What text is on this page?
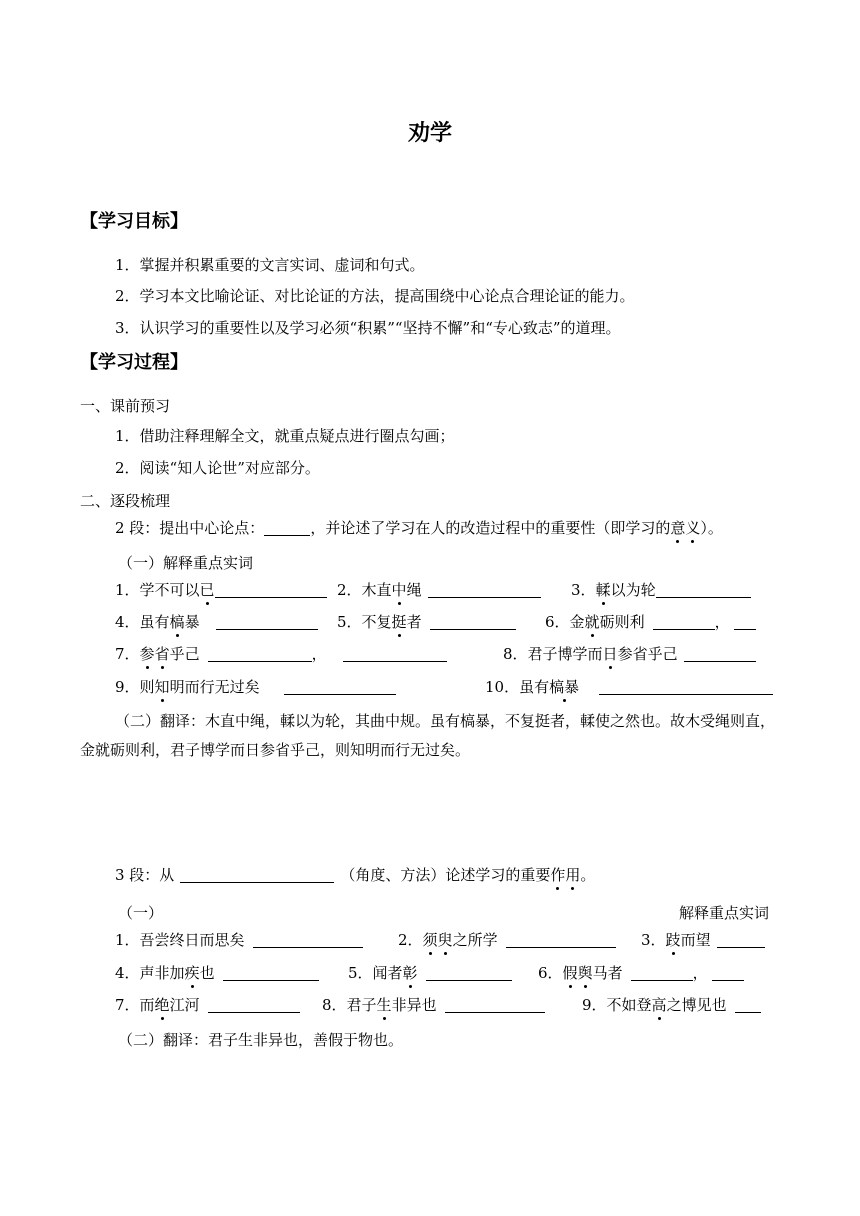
劝学
【学习目标】
1．掌握并积累重要的文言实词、虚词和句式。
2．学习本文比喻论证、对比论证的方法，提高围绕中心论点合理论证的能力。
3．认识学习的重要性以及学习必须“积累”“坚持不懈”和“专心致志”的道理。
【学习过程】
一、课前预习
1．借助注释理解全文，就重点疑点进行圈点勾画；
2．阅读“知人论世”对应部分。
二、逐段梳理
2 段：提出中心论点：	，并论述了学习在人的改造过程中的重要性（即学习的意义）。
（一）解释重点实词
1．学不可以已	2．木直中绳	3．輮以为轮
4．虽有槁暴	5．不复挺者	6．金就砺则利	，
7．参省乎己	，	8．君子博学而日参省乎己
9．则知明而行无过矣	10．虽有槁暴
（二）翻译：木直中绳，輮以为轮，其曲中规。虽有槁暴，不复挺者，輮使之然也。故木受绳则直，金就砺则利，君子博学而日参省乎己，则知明而行无过矣。
3 段：从	（角度、方法）论述学习的重要作用。
（一）	解释重点实词
1．吾尝终日而思矣	2．须臾之所学	3．跂而望
4．声非加疾也	5．闻者彰	6．假舆马者	，
7．而绝江河	8．君子生非异也	9．不如登高之博见也
（二）翻译：君子生非异也，善假于物也。
